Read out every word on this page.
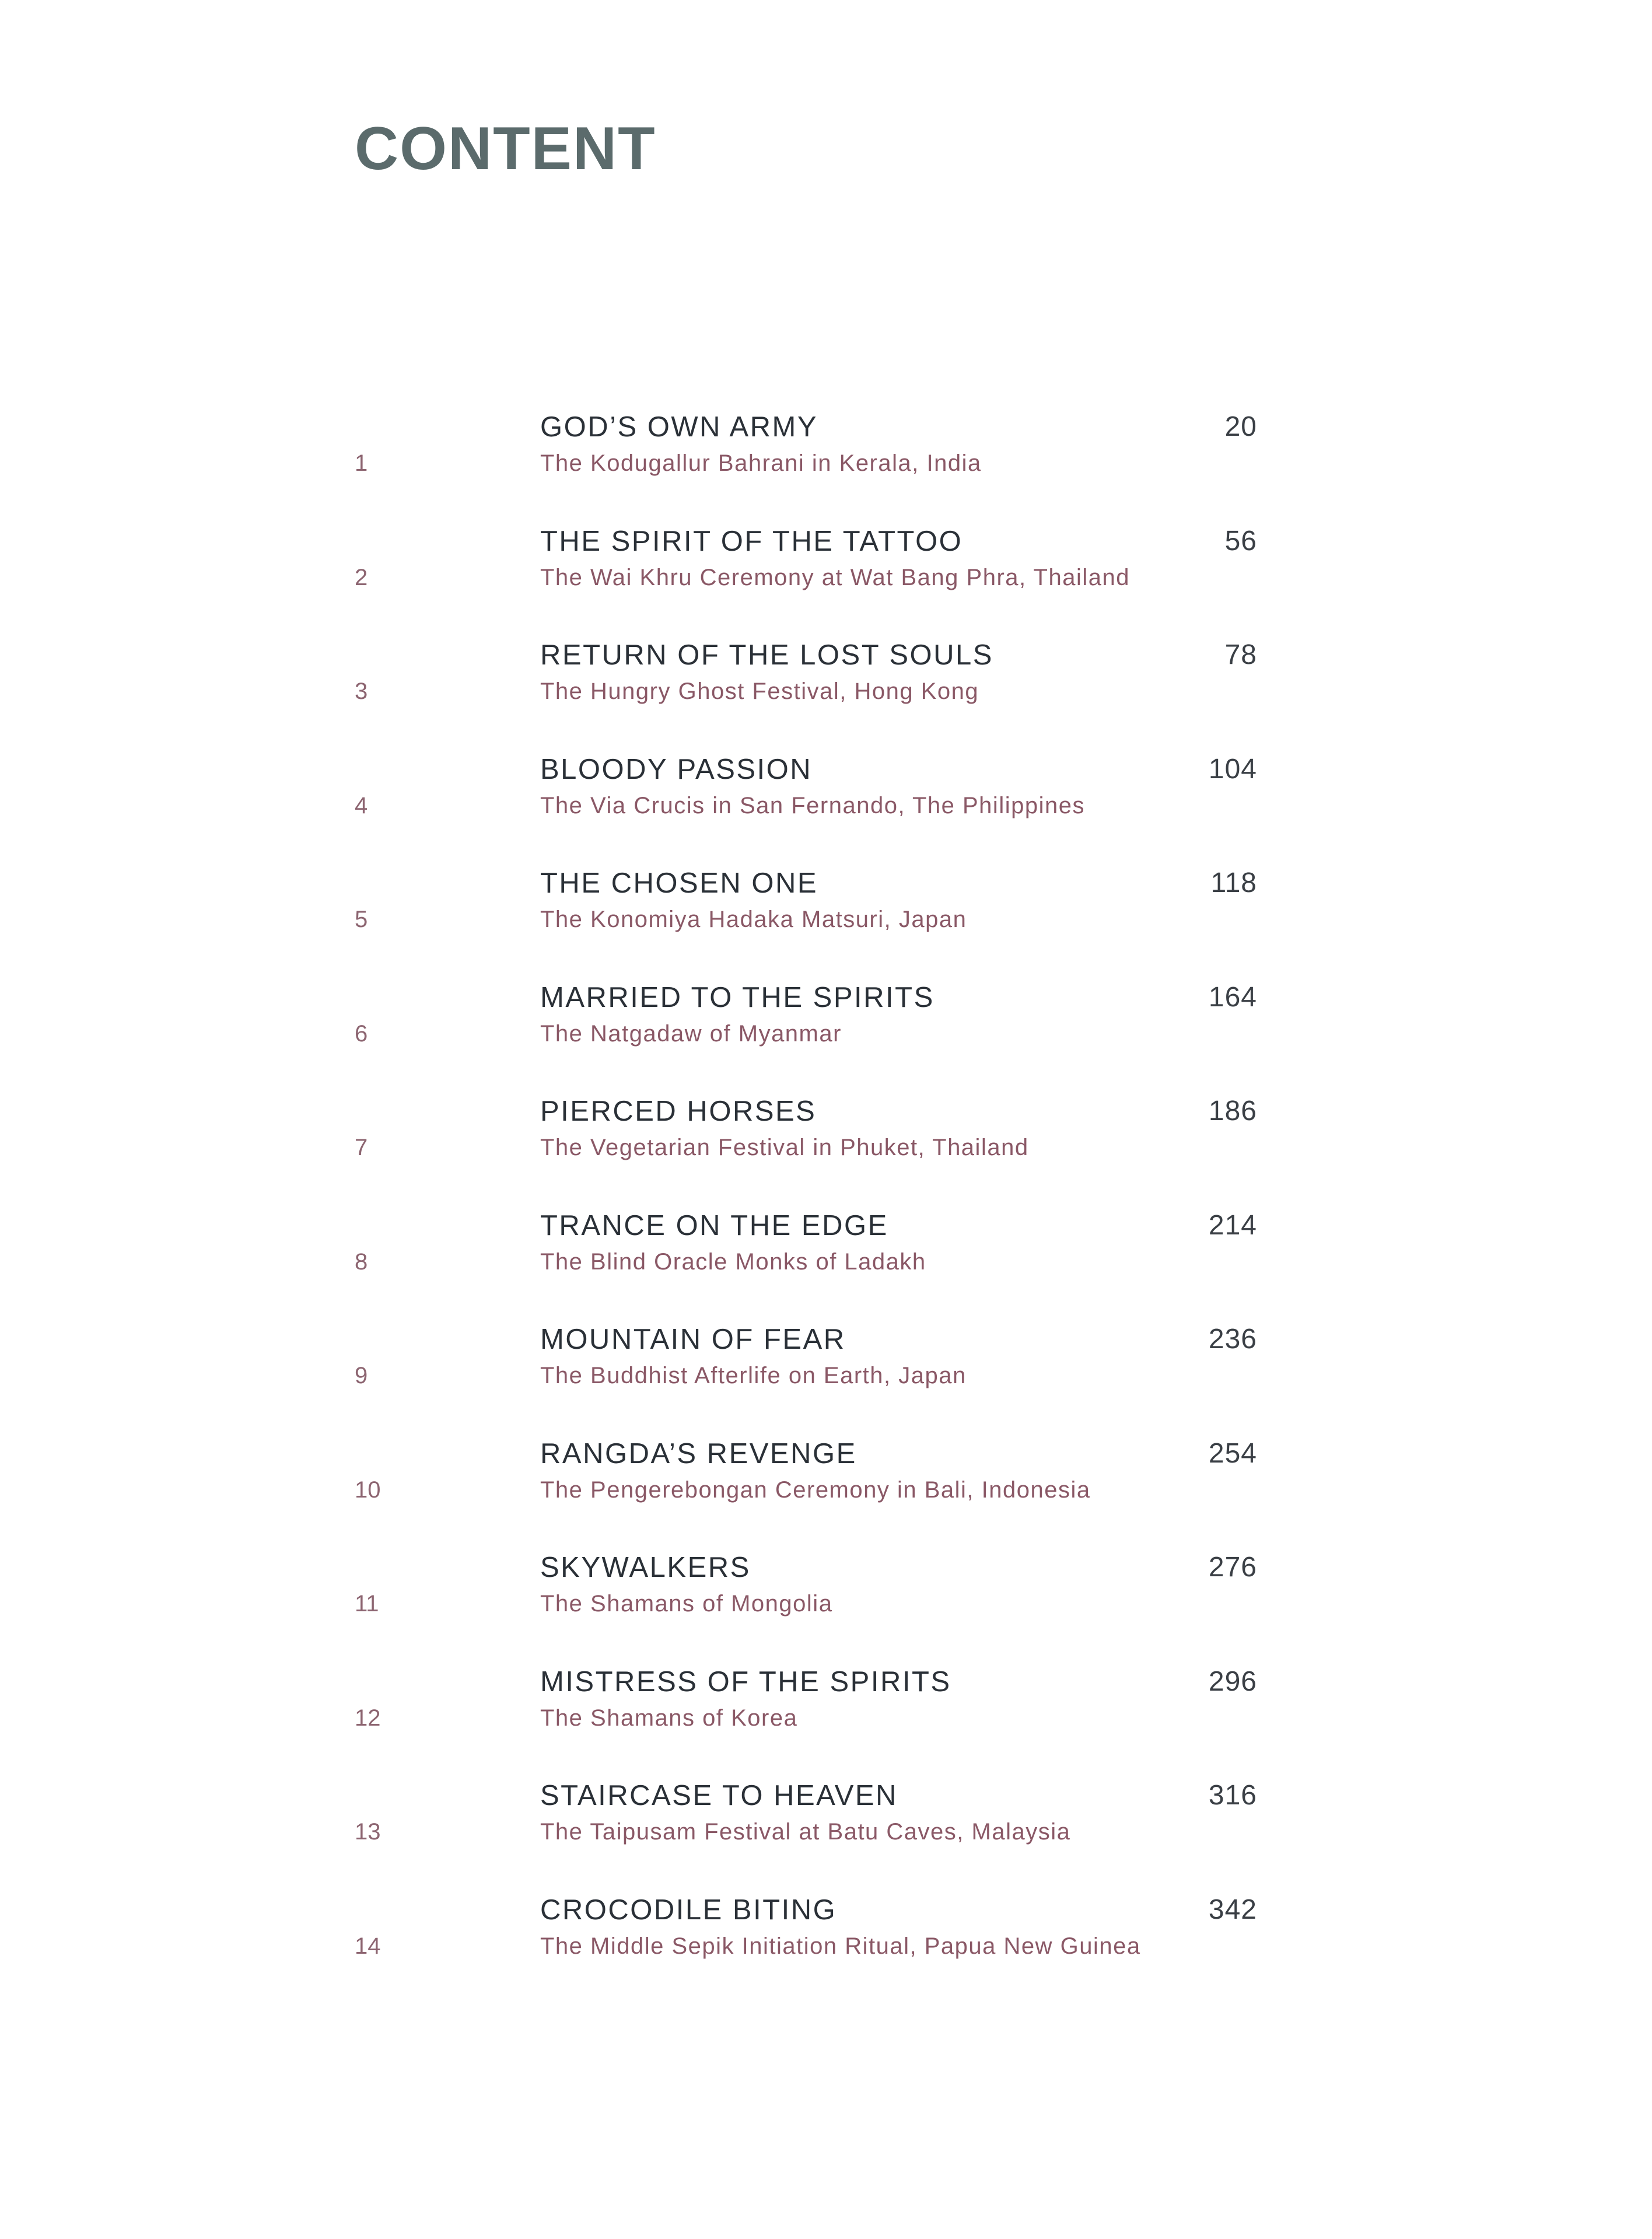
CONTENT
1
GOD’S OWN ARMY
The Kodugallur Bahrani in Kerala, India
20
2
THE SPIRIT OF THE TATTOO
The Wai Khru Ceremony at Wat Bang Phra, Thailand
56
3
RETURN OF THE LOST SOULS
The Hungry Ghost Festival, Hong Kong
78
4
BLOODY PASSION
The Via Crucis in San Fernando, The Philippines
104
5
THE CHOSEN ONE
The Konomiya Hadaka Matsuri, Japan
118
6
MARRIED TO THE SPIRITS
The Natgadaw of Myanmar
164
7
PIERCED HORSES
The Vegetarian Festival in Phuket, Thailand
186
8
TRANCE ON THE EDGE
The Blind Oracle Monks of Ladakh
214
9
MOUNTAIN OF FEAR
The Buddhist Afterlife on Earth, Japan
236
10
RANGDA’S REVENGE
The Pengerebongan Ceremony in Bali, Indonesia
254
11
SKYWALKERS
The Shamans of Mongolia
276
12
MISTRESS OF THE SPIRITS
The Shamans of Korea
296
13
STAIRCASE TO HEAVEN
The Taipusam Festival at Batu Caves, Malaysia
316
14
CROCODILE BITING
The Middle Sepik Initiation Ritual, Papua New Guinea
342
